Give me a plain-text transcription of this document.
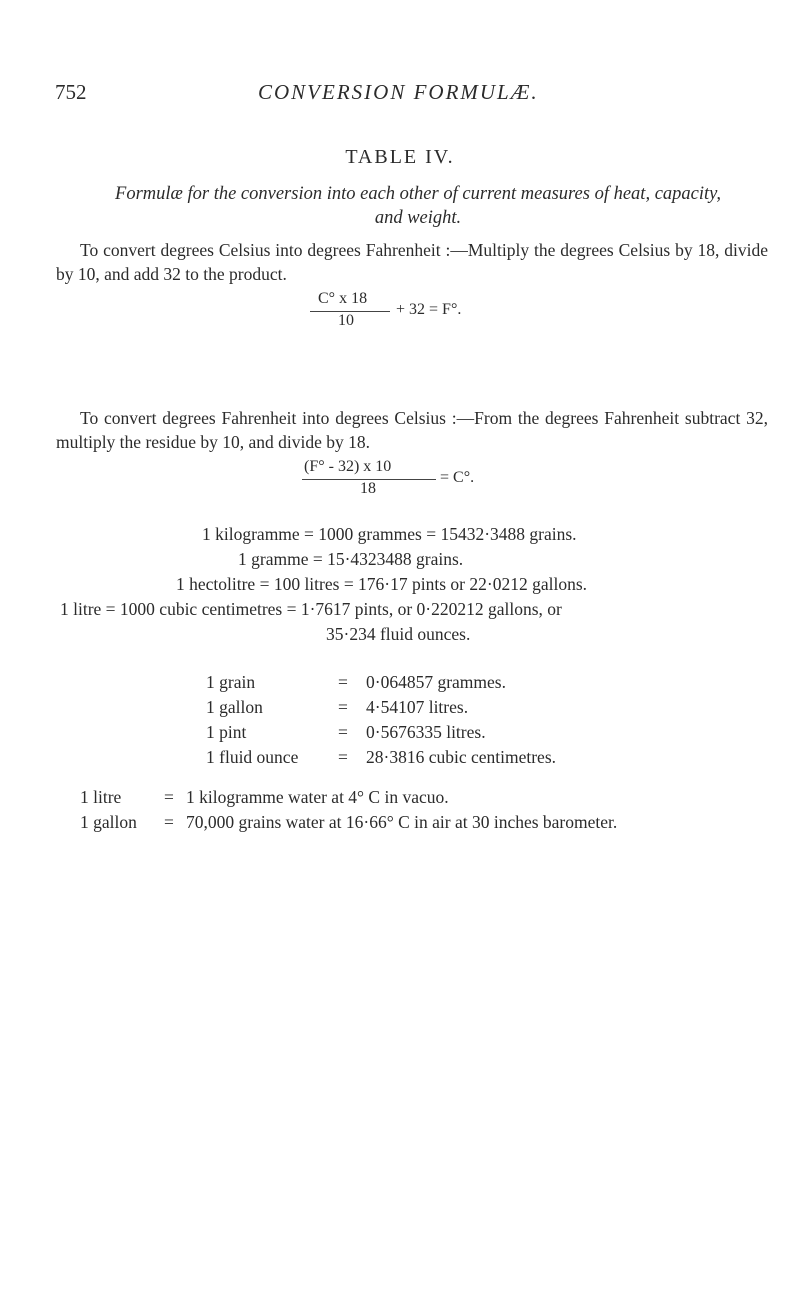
752	CONVERSION FORMULÆ.
TABLE IV.
Formulæ for the conversion into each other of current measures of heat, capacity, and weight.
To convert degrees Celsius into degrees Fahrenheit :—Multiply the degrees Celsius by 18, divide by 10, and add 32 to the product.
C° x 18
10
+ 32 = F°.
To convert degrees Fahrenheit into degrees Celsius :—From the degrees Fahrenheit subtract 32, multiply the residue by 10, and divide by 18.
(F° - 32) x 10
18
= C°.
1 kilogramme = 1000 grammes = 15432·3488 grains.
1 gramme = 15·4323488 grains.
1 hectolitre = 100 litres = 176·17 pints or 22·0212 gallons.
1 litre = 1000 cubic centimetres = 1·7617 pints, or 0·220212 gallons, or
35·234 fluid ounces.
1 grain	= 0·064857 grammes.
1 gallon	= 4·54107 litres.
1 pint	= 0·5676335 litres.
1 fluid ounce = 28·3816 cubic centimetres.
1 litre = 1 kilogramme water at 4° C in vacuo.
1 gallon = 70,000 grains water at 16·66° C in air at 30 inches barometer.
